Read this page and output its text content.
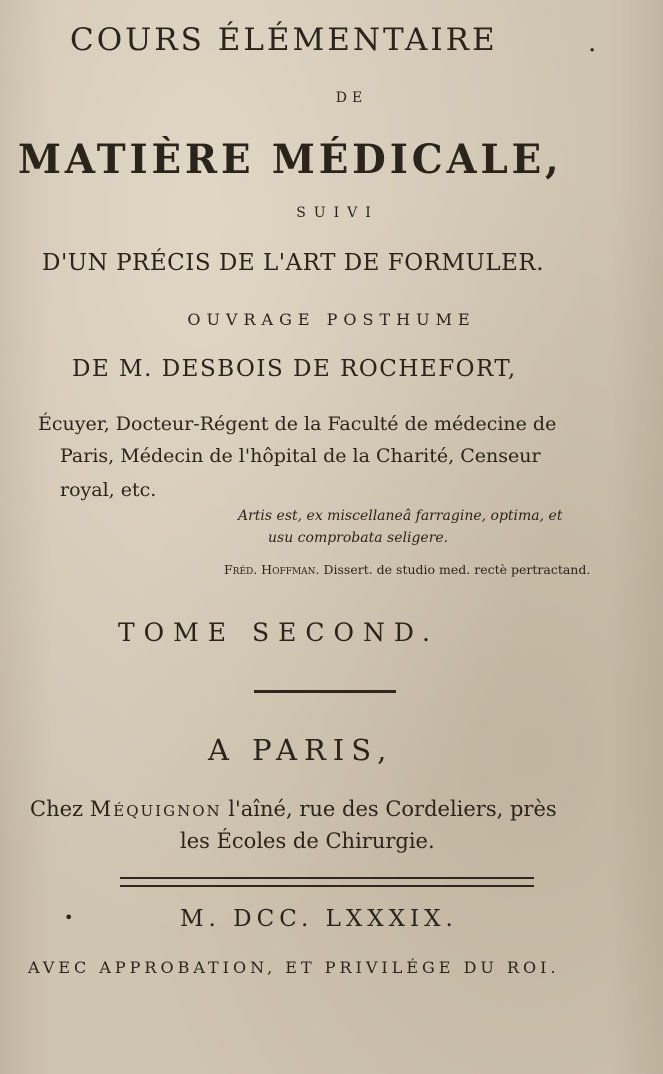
COURS ÉLÉMENTAIRE	.
DE
MATIÈRE MÉDICALE,
SUIVI
D'UN PRÉCIS DE L'ART DE FORMULER.
OUVRAGE POSTHUME
DE M. DESBOIS DE ROCHEFORT,
Écuyer, Docteur-Régent de la Faculté de médecine de
Paris, Médecin de l'hôpital de la Charité, Censeur
royal, etc.
Artis est, ex miscellaneâ farragine, optima, et
usu comprobata seligere.
Fréd. Hoffman. Dissert. de studio med. rectè pertractand.
TOME SECOND.
A PARIS,
Chez Méquignon l'aîné, rue des Cordeliers, près
les Écoles de Chirurgie.
•	M. DCC. LXXXIX.
AVEC APPROBATION, ET PRIVILÉGE DU ROI.
